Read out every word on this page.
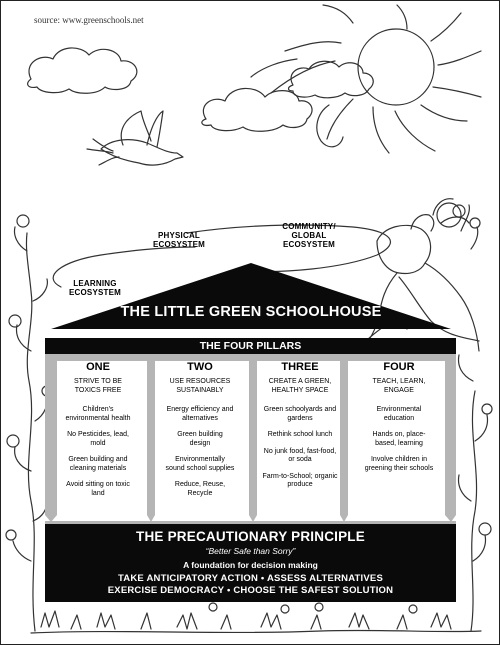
source: www.greenschools.net
PHYSICAL
ECOSYSTEM
COMMUNITY/
GLOBAL
ECOSYSTEM
LEARNING
ECOSYSTEM
THE LITTLE GREEN SCHOOLHOUSE
THE FOUR PILLARS
ONE
STRIVE TO BE
TOXICS FREE
Children's environmental health
No Pesticides, lead, mold
Green building and cleaning materials
Avoid sitting on toxic land
TWO
USE RESOURCES
SUSTAINABLY
Energy efficiency and alternatives
Green building design
Environmentally sound school supplies
Reduce, Reuse, Recycle
THREE
CREATE A GREEN,
HEALTHY SPACE
Green schoolyards and gardens
Rethink school lunch
No junk food, fast-food, or soda
Farm-to-School; organic produce
FOUR
TEACH, LEARN,
ENGAGE
Environmental education
Hands on, place-based, learning
Involve children in greening their schools
THE PRECAUTIONARY PRINCIPLE
“Better Safe than Sorry”
A foundation for decision making
TAKE ANTICIPATORY ACTION • ASSESS ALTERNATIVES
EXERCISE DEMOCRACY • CHOOSE THE SAFEST SOLUTION
